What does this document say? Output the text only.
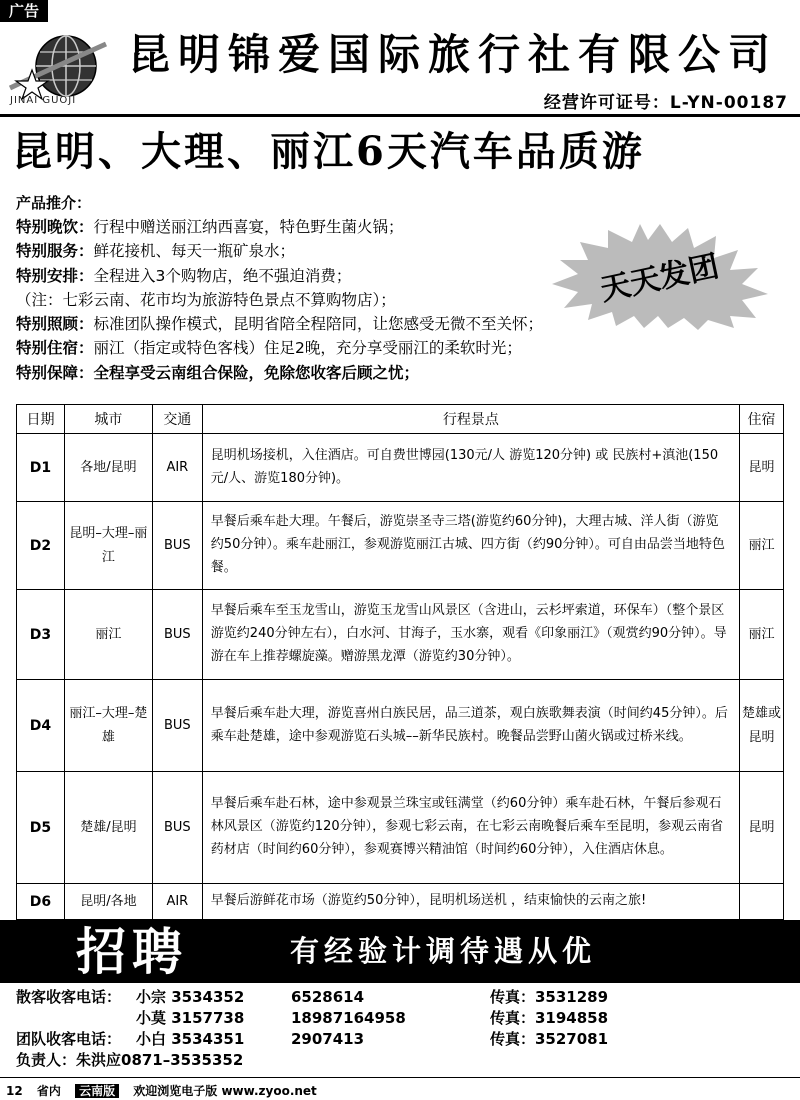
广告
JINAI GUOJI
昆明锦爱国际旅行社有限公司
经营许可证号：L-YN-00187
昆明、大理、丽江6天汽车品质游
产品推介：
特别晚饮：行程中赠送丽江纳西喜宴，特色野生菌火锅；
特别服务：鲜花接机、每天一瓶矿泉水；
特别安排：全程进入3个购物店，绝不强迫消费；
（注：七彩云南、花市均为旅游特色景点不算购物店）；
特别照顾：标准团队操作模式，昆明省陪全程陪同，让您感受无微不至关怀；
特别住宿：丽江（指定或特色客栈）住足2晚，充分享受丽江的柔软时光；
特别保障：全程享受云南组合保险，免除您收客后顾之忧；
天天发团
日期	城市	交通	行程景点	住宿
D1	各地/昆明	AIR	昆明机场接机，入住酒店。可自费世博园(130元/人 游览120分钟) 或 民族村+滇池(150元/人、游览180分钟)。	昆明
D2	昆明–大理–丽江	BUS	早餐后乘车赴大理。午餐后，游览崇圣寺三塔(游览约60分钟)，大理古城、洋人街（游览约50分钟）。乘车赴丽江，参观游览丽江古城、四方街（约90分钟）。可自由品尝当地特色餐。	丽江
D3	丽江	BUS	早餐后乘车至玉龙雪山，游览玉龙雪山风景区（含进山，云杉坪索道，环保车）（整个景区游览约240分钟左右），白水河、甘海子，玉水寨，观看《印象丽江》（观赏约90分钟）。导游在车上推荐螺旋藻。赠游黑龙潭（游览约30分钟）。	丽江
D4	丽江–大理–楚雄	BUS	早餐后乘车赴大理，游览喜州白族民居，品三道茶，观白族歌舞表演（时间约45分钟）。后乘车赴楚雄，途中参观游览石头城––新华民族村。晚餐品尝野山菌火锅或过桥米线。	楚雄或昆明
D5	楚雄/昆明	BUS	早餐后乘车赴石林，途中参观景兰珠宝或钰满堂（约60分钟）乘车赴石林，午餐后参观石林风景区（游览约120分钟），参观七彩云南，在七彩云南晚餐后乘车至昆明，参观云南省药材店（时间约60分钟），参观赛博兴精油馆（时间约60分钟），入住酒店休息。	昆明
D6	昆明/各地	AIR	早餐后游鲜花市场（游览约50分钟），昆明机场送机 ，结束愉快的云南之旅!	
招聘	有经验计调待遇从优
散客收客电话： 小宗 3534352	6528614	传真：3531289
小莫 3157738	18987164958	传真：3194858
团队收客电话： 小白 3534351	2907413	传真：3527081
负责人：朱洪应0871–3535352
12 省内 云南版 欢迎浏览电子版 www.zyoo.net
